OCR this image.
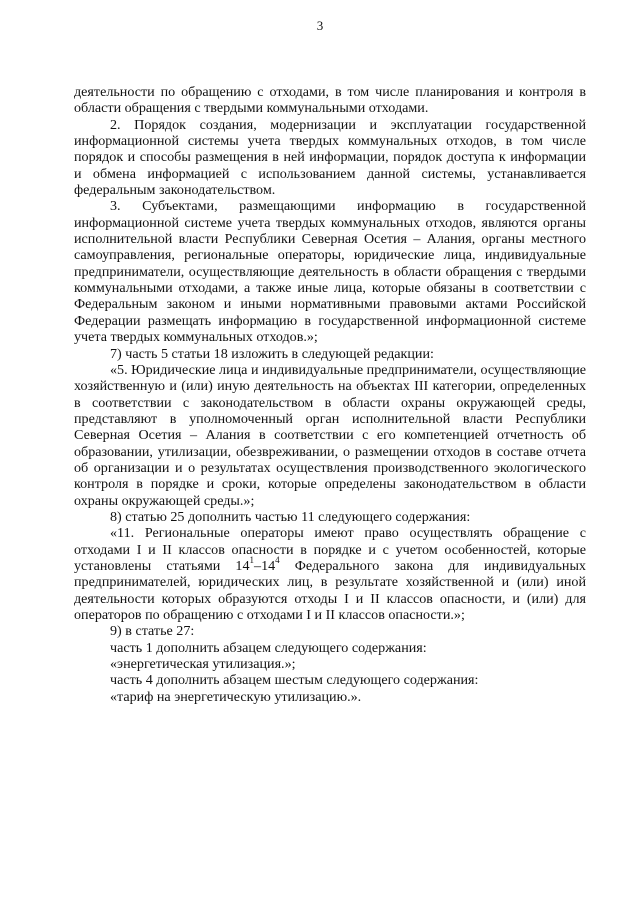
3

деятельности по обращению с отходами, в том числе планирования и контроля в области обращения с твердыми коммунальными отходами.

2. Порядок создания, модернизации и эксплуатации государственной информационной системы учета твердых коммунальных отходов, в том числе порядок и способы размещения в ней информации, порядок доступа к информации и обмена информацией с использованием данной системы, устанавливается федеральным законодательством.

3. Субъектами, размещающими информацию в государственной информационной системе учета твердых коммунальных отходов, являются органы исполнительной власти Республики Северная Осетия – Алания, органы местного самоуправления, региональные операторы, юридические лица, индивидуальные предприниматели, осуществляющие деятельность в области обращения с твердыми коммунальными отходами, а также иные лица, которые обязаны в соответствии с Федеральным законом и иными нормативными правовыми актами Российской Федерации размещать информацию в государственной информационной системе учета твердых коммунальных отходов.»;

7) часть 5 статьи 18 изложить в следующей редакции:

«5. Юридические лица и индивидуальные предприниматели, осуществляющие хозяйственную и (или) иную деятельность на объектах III категории, определенных в соответствии с законодательством в области охраны окружающей среды, представляют в уполномоченный орган исполнительной власти Республики Северная Осетия – Алания в соответствии с его компетенцией отчетность об образовании, утилизации, обезвреживании, о размещении отходов в составе отчета об организации и о результатах осуществления производственного экологического контроля в порядке и сроки, которые определены законодательством в области охраны окружающей среды.»;

8) статью 25 дополнить частью 11 следующего содержания:

«11. Региональные операторы имеют право осуществлять обращение с отходами I и II классов опасности в порядке и с учетом особенностей, которые установлены статьями $14^1-14^4$ Федерального закона для индивидуальных предпринимателей, юридических лиц, в результате хозяйственной и (или) иной деятельности которых образуются отходы I и II классов опасности, и (или) для операторов по обращению с отходами I и II классов опасности.»;

9) в статье 27:

часть 1 дополнить абзацем следующего содержания:

«энергетическая утилизация.»;

часть 4 дополнить абзацем шестым следующего содержания:

«тариф на энергетическую утилизацию.».
